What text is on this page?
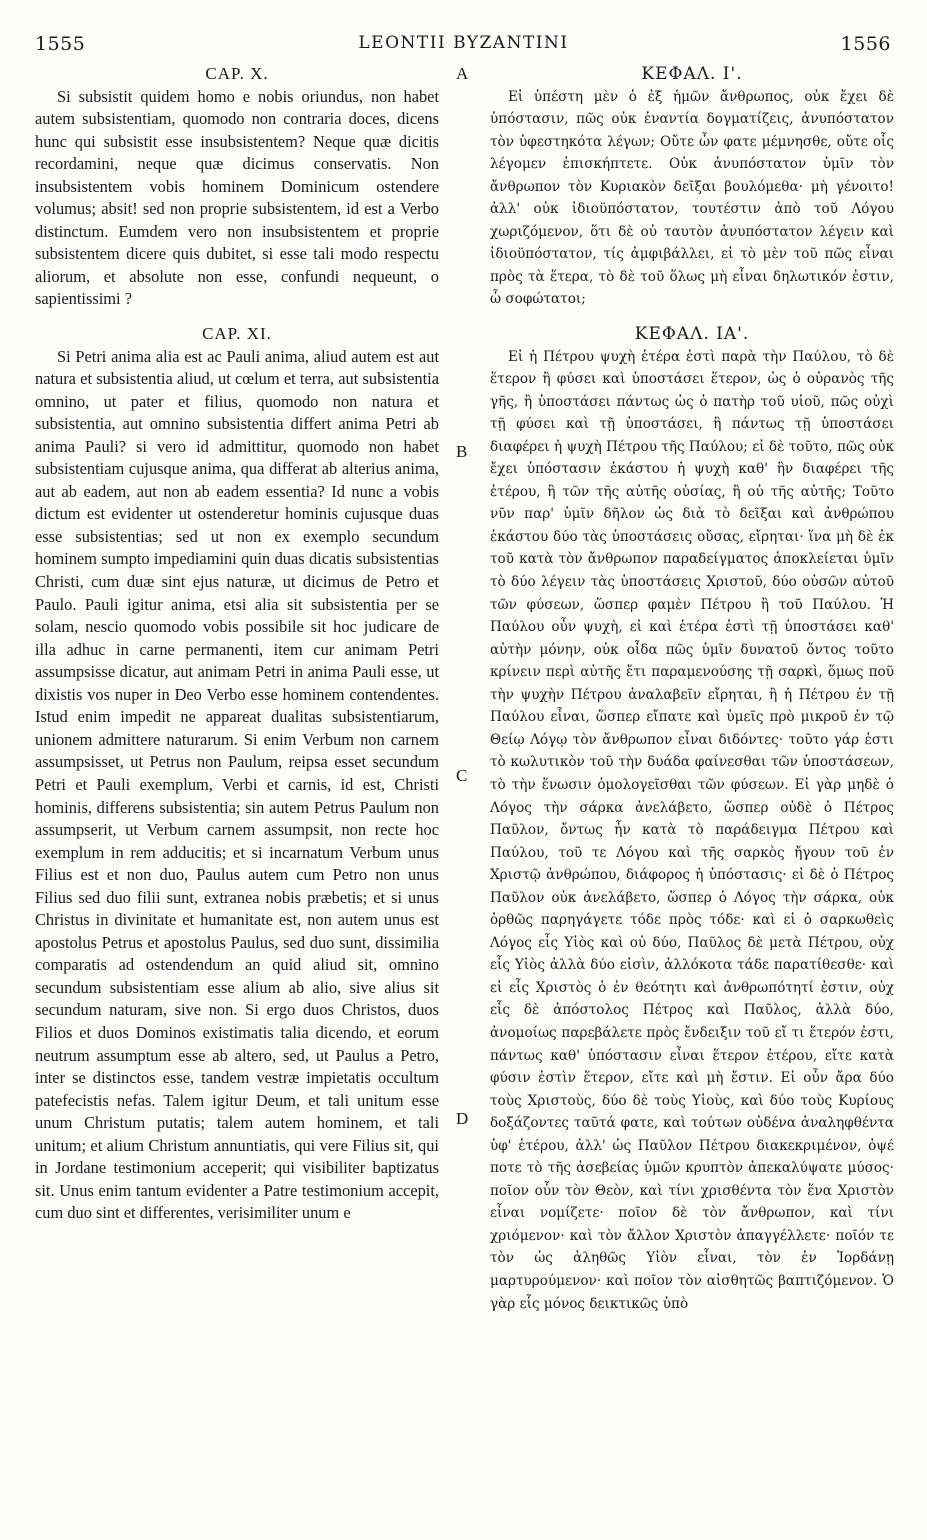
1555	LEONTII BYZANTINI	1556
A
B
C
D
CAP. X.

Si subsistit quidem homo e nobis oriundus, non habet autem subsistentiam, quomodo non contraria doces, dicens hunc qui subsistit esse insubsistentem? Neque quæ dicitis recordamini, neque quæ dicimus conservatis. Non insubsistentem vobis hominem Dominicum ostendere volumus; absit! sed non proprie subsistentem, id est a Verbo distinctum. Eumdem vero non insubsistentem et proprie subsistentem dicere quis dubitet, si esse tali modo respectu aliorum, et absolute non esse, confundi nequeunt, o sapientissimi ?

CAP. XI.

Si Petri anima alia est ac Pauli anima, aliud autem est aut natura et subsistentia aliud, ut cœlum et terra, aut subsistentia omnino, ut pater et filius, quomodo non natura et subsistentia, aut omnino subsistentia differt anima Petri ab anima Pauli? si vero id admittitur, quomodo non habet subsistentiam cujusque anima, qua differat ab alterius anima, aut ab eadem, aut non ab eadem essentia? Id nunc a vobis dictum est evidenter ut ostenderetur hominis cujusque duas esse subsistentias; sed ut non ex exemplo secundum hominem sumpto impediamini quin duas dicatis subsistentias Christi, cum duæ sint ejus naturæ, ut dicimus de Petro et Paulo. Pauli igitur anima, etsi alia sit subsistentia per se solam, nescio quomodo vobis possibile sit hoc judicare de illa adhuc in carne permanenti, item cur animam Petri assumpsisse dicatur, aut animam Petri in anima Pauli esse, ut dixistis vos nuper in Deo Verbo esse hominem contendentes. Istud enim impedit ne appareat dualitas subsistentiarum, unionem admittere naturarum. Si enim Verbum non carnem assumpsisset, ut Petrus non Paulum, reipsa esset secundum Petri et Pauli exemplum, Verbi et carnis, id est, Christi hominis, differens subsistentia; sin autem Petrus Paulum non assumpserit, ut Verbum carnem assumpsit, non recte hoc exemplum in rem adducitis; et si incarnatum Verbum unus Filius est et non duo, Paulus autem cum Petro non unus Filius sed duo filii sunt, extranea nobis præbetis; et si unus Christus in divinitate et humanitate est, non autem unus est apostolus Petrus et apostolus Paulus, sed duo sunt, dissimilia comparatis ad ostendendum an quid aliud sit, omnino secundum subsistentiam esse alium ab alio, sive alius sit secundum naturam, sive non. Si ergo duos Christos, duos Filios et duos Dominos existimatis talia dicendo, et eorum neutrum assumptum esse ab altero, sed, ut Paulus a Petro, inter se distinctos esse, tandem vestræ impietatis occultum patefecistis nefas. Talem igitur Deum, et tali unitum esse unum Christum putatis; talem autem hominem, et tali unitum; et alium Christum annuntiatis, qui vere Filius sit, qui in Jordane testimonium acceperit; qui visibiliter baptizatus sit. Unus enim tantum evidenter a Patre testimonium accepit, cum duo sint et differentes, verisimiliter unum e

ΚΕΦΑΛ. Ι'.

Εἰ ὑπέστη μὲν ὁ ἐξ ἡμῶν ἄνθρωπος, οὐκ ἔχει δὲ ὑπόστασιν, πῶς οὐκ ἐναντία δογματίζεις, ἀνυπόστατον τὸν ὑφεστηκότα λέγων; Οὔτε ὧν φατε μέμνησθε, οὔτε οἷς λέγομεν ἐπισκήπτετε. Οὐκ ἀνυπόστατον ὑμῖν τὸν ἄνθρωπον τὸν Κυριακὸν δεῖξαι βουλόμεθα· μὴ γένοιτο! ἀλλ' οὐκ ἰδιοϋπόστατον, τουτέστιν ἀπὸ τοῦ Λόγου χωριζόμενον, ὅτι δὲ οὐ ταυτὸν ἀνυπόστατον λέγειν καὶ ἰδιοϋπόστατον, τίς ἀμφιβάλλει, εἰ τὸ μὲν τοῦ πῶς εἶναι πρὸς τὰ ἕτερα, τὸ δὲ τοῦ ὅλως μὴ εἶναι δηλωτικόν ἐστιν, ὦ σοφώτατοι;

ΚΕΦΑΛ. ΙΑ'.

Εἰ ἡ Πέτρου ψυχὴ ἑτέρα ἐστὶ παρὰ τὴν Παύλου, τὸ δὲ ἕτερον ἢ φύσει καὶ ὑποστάσει ἕτερον, ὡς ὁ οὐρανὸς τῆς γῆς, ἢ ὑποστάσει πάντως ὡς ὁ πατὴρ τοῦ υἱοῦ, πῶς οὐχὶ τῇ φύσει καὶ τῇ ὑποστάσει, ἢ πάντως τῇ ὑποστάσει διαφέρει ἡ ψυχὴ Πέτρου τῆς Παύλου; εἰ δὲ τοῦτο, πῶς οὐκ ἔχει ὑπόστασιν ἑκάστου ἡ ψυχὴ καθ' ἣν διαφέρει τῆς ἑτέρου, ἢ τῶν τῆς αὐτῆς οὐσίας, ἢ οὐ τῆς αὐτῆς; Τοῦτο νῦν παρ' ὑμῖν δῆλον ὡς διὰ τὸ δεῖξαι καὶ ἀνθρώπου ἑκάστου δύο τὰς ὑποστάσεις οὔσας, εἴρηται· ἵνα μὴ δὲ ἐκ τοῦ κατὰ τὸν ἄνθρωπον παραδείγματος ἀποκλείεται ὑμῖν τὸ δύο λέγειν τὰς ὑποστάσεις Χριστοῦ, δύο οὐσῶν αὐτοῦ τῶν φύσεων, ὥσπερ φαμὲν Πέτρου ἢ τοῦ Παύλου. Ἡ Παύλου οὖν ψυχὴ, εἰ καὶ ἑτέρα ἐστὶ τῇ ὑποστάσει καθ' αὑτὴν μόνην, οὐκ οἶδα πῶς ὑμῖν δυνατοῦ ὄντος τοῦτο κρίνειν περὶ αὐτῆς ἔτι παραμενούσης τῇ σαρκὶ, ὅμως ποῦ τὴν ψυχὴν Πέτρου ἀναλαβεῖν εἴρηται, ἢ ἡ Πέτρου ἐν τῇ Παύλου εἶναι, ὥσπερ εἴπατε καὶ ὑμεῖς πρὸ μικροῦ ἐν τῷ Θείῳ Λόγῳ τὸν ἄνθρωπον εἶναι διδόντες· τοῦτο γάρ ἐστι τὸ κωλυτικὸν τοῦ τὴν δυάδα φαίνεσθαι τῶν ὑποστάσεων, τὸ τὴν ἕνωσιν ὁμολογεῖσθαι τῶν φύσεων. Εἰ γὰρ μηδὲ ὁ Λόγος τὴν σάρκα ἀνελάβετο, ὥσπερ οὐδὲ ὁ Πέτρος Παῦλον, ὄντως ἦν κατὰ τὸ παράδειγμα Πέτρου καὶ Παύλου, τοῦ τε Λόγου καὶ τῆς σαρκὸς ἤγουν τοῦ ἐν Χριστῷ ἀνθρώπου, διάφορος ἡ ὑπόστασις· εἰ δὲ ὁ Πέτρος Παῦλον οὐκ ἀνελάβετο, ὥσπερ ὁ Λόγος τὴν σάρκα, οὐκ ὀρθῶς παρηγάγετε τόδε πρὸς τόδε· καὶ εἰ ὁ σαρκωθεὶς Λόγος εἷς Υἱὸς καὶ οὐ δύο, Παῦλος δὲ μετὰ Πέτρου, οὐχ εἷς Υἱὸς ἀλλὰ δύο εἰσὶν, ἀλλόκοτα τάδε παρατίθεσθε· καὶ εἰ εἷς Χριστὸς ὁ ἐν θεότητι καὶ ἀνθρωπότητί ἐστιν, οὐχ εἷς δὲ ἀπόστολος Πέτρος καὶ Παῦλος, ἀλλὰ δύο, ἀνομοίως παρεβάλετε πρὸς ἔνδειξιν τοῦ εἴ τι ἕτερόν ἐστι, πάντως καθ' ὑπόστασιν εἶναι ἕτερον ἑτέρου, εἴτε κατὰ φύσιν ἐστὶν ἕτερον, εἴτε καὶ μὴ ἔστιν. Εἰ οὖν ἄρα δύο τοὺς Χριστοὺς, δύο δὲ τοὺς Υἱοὺς, καὶ δύο τοὺς Κυρίους δοξάζοντες ταῦτά φατε, καὶ τούτων οὐδένα ἀναληφθέντα ὑφ' ἑτέρου, ἀλλ' ὡς Παῦλον Πέτρου διακεκριμένον, ὀψέ ποτε τὸ τῆς ἀσεβείας ὑμῶν κρυπτὸν ἀπεκαλύψατε μύσος· ποῖον οὖν τὸν Θεὸν, καὶ τίνι χρισθέντα τὸν ἕνα Χριστὸν εἶναι νομίζετε· ποῖον δὲ τὸν ἄνθρωπον, καὶ τίνι χριόμενον· καὶ τὸν ἄλλον Χριστὸν ἀπαγγέλλετε· ποῖόν τε τὸν ὡς ἀληθῶς Υἱὸν εἶναι, τὸν ἐν Ἰορδάνῃ μαρτυρούμενον· καὶ ποῖον τὸν αἰσθητῶς βαπτιζόμενον. Ὁ γὰρ εἷς μόνος δεικτικῶς ὑπὸ
